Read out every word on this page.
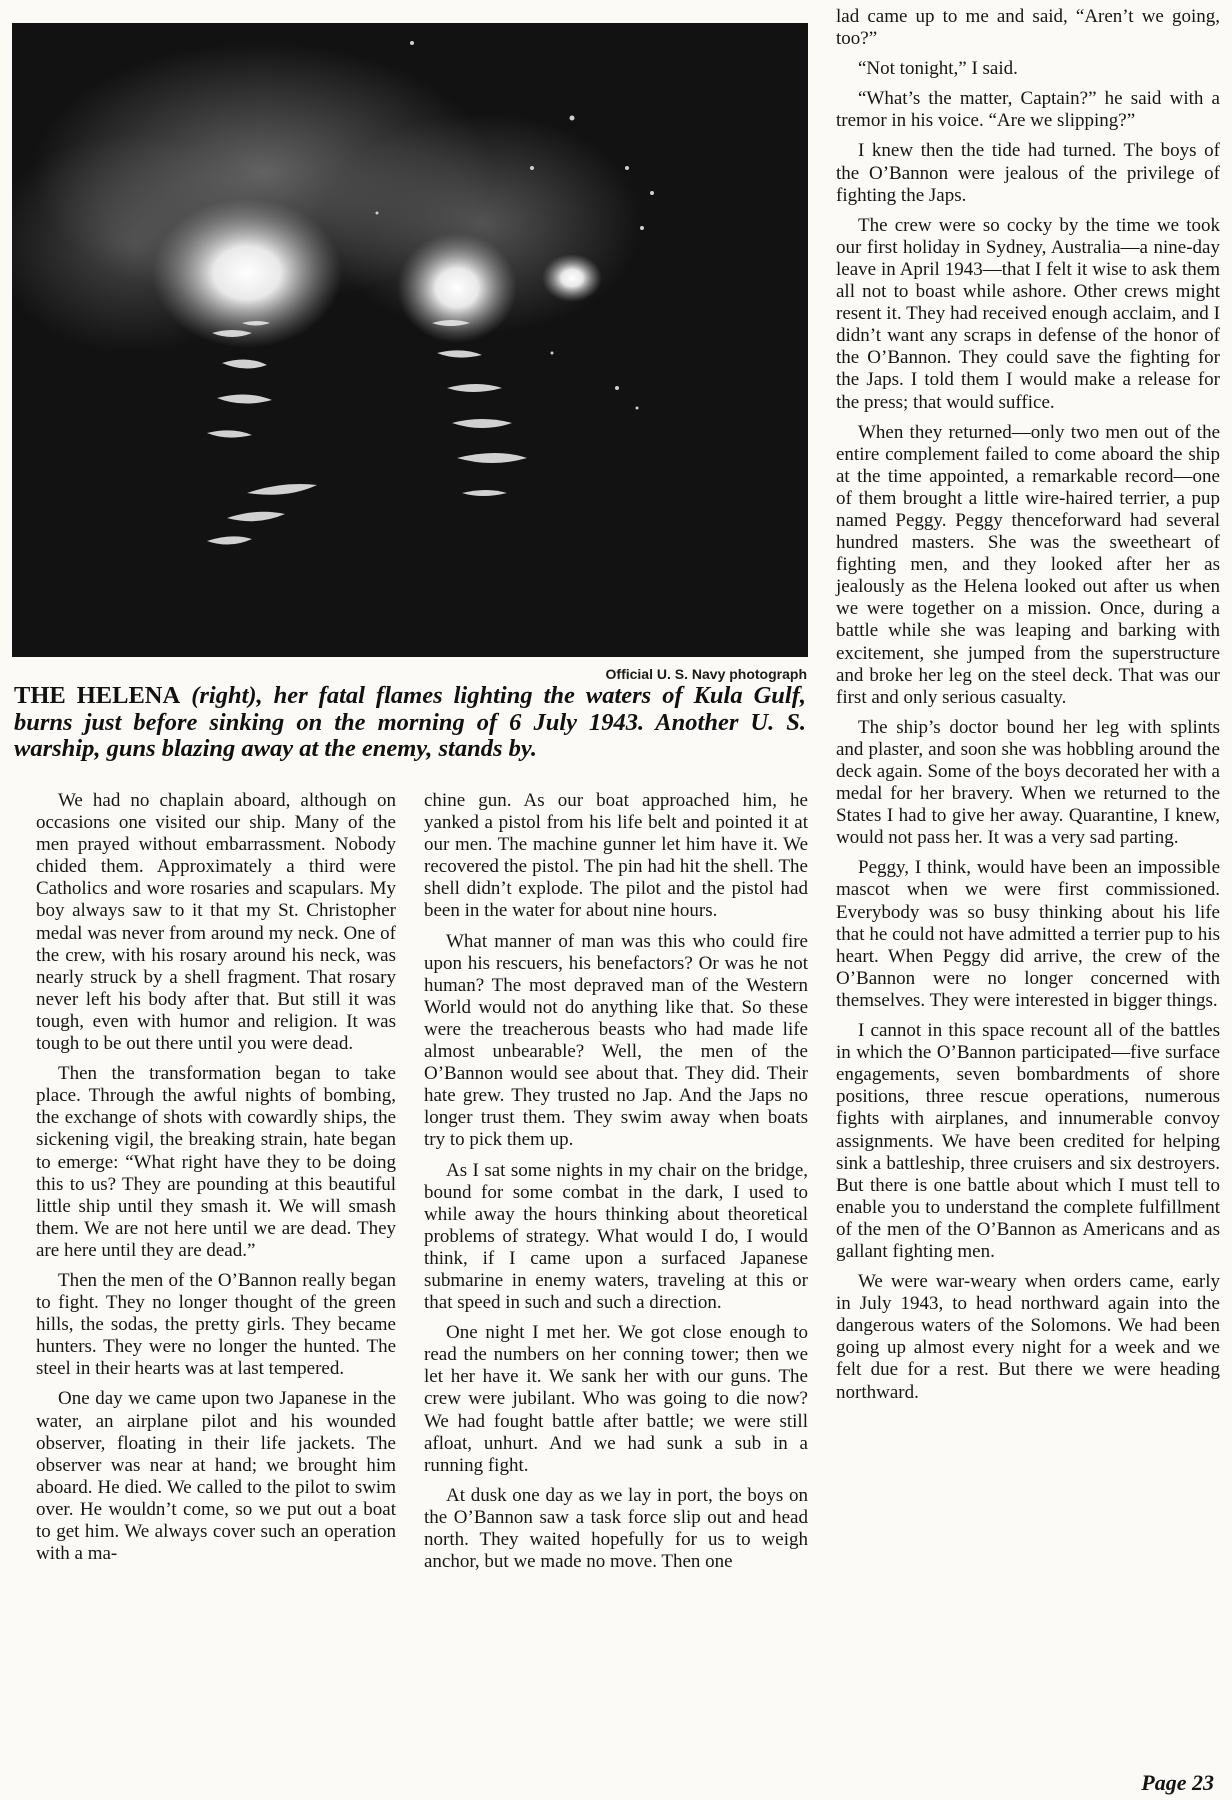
Official U. S. Navy photograph
THE HELENA (right), her fatal flames lighting the waters of Kula Gulf, burns just before sinking on the morning of 6 July 1943. Another U. S. warship, guns blazing away at the enemy, stands by.

We had no chaplain aboard, although on occasions one visited our ship. Many of the men prayed without embarrassment. Nobody chided them. Approximately a third were Catholics and wore rosaries and scapulars. My boy always saw to it that my St. Christopher medal was never from around my neck. One of the crew, with his rosary around his neck, was nearly struck by a shell fragment. That rosary never left his body after that. But still it was tough, even with humor and religion. It was tough to be out there until you were dead.

Then the transformation began to take place. Through the awful nights of bombing, the exchange of shots with cowardly ships, the sickening vigil, the breaking strain, hate began to emerge: “What right have they to be doing this to us? They are pounding at this beautiful little ship until they smash it. We will smash them. We are not here until we are dead. They are here until they are dead.”

Then the men of the O’Bannon really began to fight. They no longer thought of the green hills, the sodas, the pretty girls. They became hunters. They were no longer the hunted. The steel in their hearts was at last tempered.

One day we came upon two Japanese in the water, an airplane pilot and his wounded observer, floating in their life jackets. The observer was near at hand; we brought him aboard. He died. We called to the pilot to swim over. He wouldn’t come, so we put out a boat to get him. We always cover such an operation with a ma-

chine gun. As our boat approached him, he yanked a pistol from his life belt and pointed it at our men. The machine gunner let him have it. We recovered the pistol. The pin had hit the shell. The shell didn’t explode. The pilot and the pistol had been in the water for about nine hours.

What manner of man was this who could fire upon his rescuers, his benefactors? Or was he not human? The most depraved man of the Western World would not do anything like that. So these were the treacherous beasts who had made life almost unbearable? Well, the men of the O’Bannon would see about that. They did. Their hate grew. They trusted no Jap. And the Japs no longer trust them. They swim away when boats try to pick them up.

As I sat some nights in my chair on the bridge, bound for some combat in the dark, I used to while away the hours thinking about theoretical problems of strategy. What would I do, I would think, if I came upon a surfaced Japanese submarine in enemy waters, traveling at this or that speed in such and such a direction.

One night I met her. We got close enough to read the numbers on her conning tower; then we let her have it. We sank her with our guns. The crew were jubilant. Who was going to die now? We had fought battle after battle; we were still afloat, unhurt. And we had sunk a sub in a running fight.

At dusk one day as we lay in port, the boys on the O’Bannon saw a task force slip out and head north. They waited hopefully for us to weigh anchor, but we made no move. Then one

lad came up to me and said, “Aren’t we going, too?”

“Not tonight,” I said.

“What’s the matter, Captain?” he said with a tremor in his voice. “Are we slipping?”

I knew then the tide had turned. The boys of the O’Bannon were jealous of the privilege of fighting the Japs.

The crew were so cocky by the time we took our first holiday in Sydney, Australia—a nine-day leave in April 1943—that I felt it wise to ask them all not to boast while ashore. Other crews might resent it. They had received enough acclaim, and I didn’t want any scraps in defense of the honor of the O’Bannon. They could save the fighting for the Japs. I told them I would make a release for the press; that would suffice.

When they returned—only two men out of the entire complement failed to come aboard the ship at the time appointed, a remarkable record—one of them brought a little wire-haired terrier, a pup named Peggy. Peggy thenceforward had several hundred masters. She was the sweetheart of fighting men, and they looked after her as jealously as the Helena looked out after us when we were together on a mission. Once, during a battle while she was leaping and barking with excitement, she jumped from the superstructure and broke her leg on the steel deck. That was our first and only serious casualty.

The ship’s doctor bound her leg with splints and plaster, and soon she was hobbling around the deck again. Some of the boys decorated her with a medal for her bravery. When we returned to the States I had to give her away. Quarantine, I knew, would not pass her. It was a very sad parting.

Peggy, I think, would have been an impossible mascot when we were first commissioned. Everybody was so busy thinking about his life that he could not have admitted a terrier pup to his heart. When Peggy did arrive, the crew of the O’Bannon were no longer concerned with themselves. They were interested in bigger things.

I cannot in this space recount all of the battles in which the O’Bannon participated—five surface engagements, seven bombardments of shore positions, three rescue operations, numerous fights with airplanes, and innumerable convoy assignments. We have been credited for helping sink a battleship, three cruisers and six destroyers. But there is one battle about which I must tell to enable you to understand the complete fulfillment of the men of the O’Bannon as Americans and as gallant fighting men.

We were war-weary when orders came, early in July 1943, to head northward again into the dangerous waters of the Solomons. We had been going up almost every night for a week and we felt due for a rest. But there we were heading northward.

Page 23
